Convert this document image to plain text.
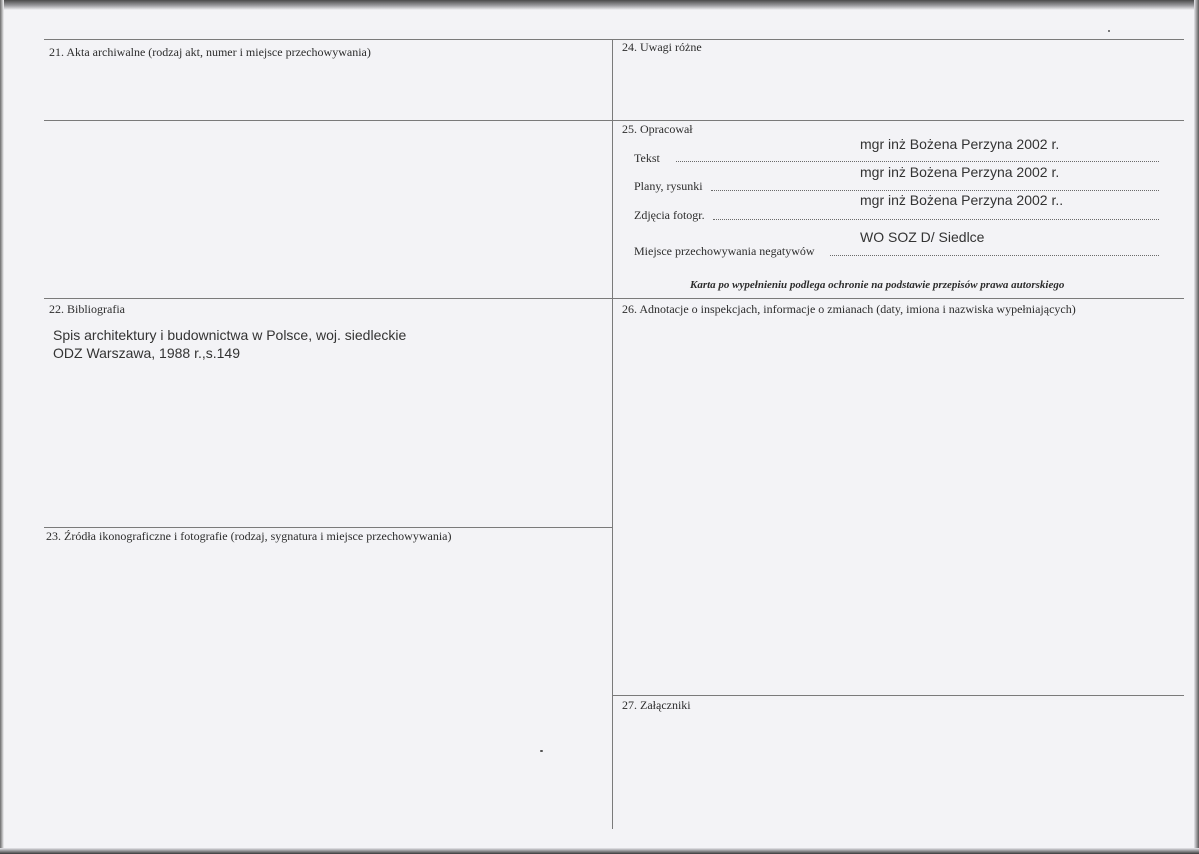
21. Akta archiwalne (rodzaj akt, numer i miejsce przechowywania)	24. Uwagi różne
25. Opracował
mgr inż Bożena Perzyna 2002 r.
Tekst
mgr inż Bożena Perzyna 2002 r.
Plany, rysunki
mgr inż Bożena Perzyna 2002 r..
Zdjęcia fotogr.
WO SOZ D/ Siedlce
Miejsce przechowywania negatywów
Karta po wypełnieniu podlega ochronie na podstawie przepisów prawa autorskiego
22. Bibliografia
Spis architektury i budownictwa w Polsce, woj. siedleckie
ODZ Warszawa, 1988 r.,s.149
26. Adnotacje o inspekcjach, informacje o zmianach (daty, imiona i nazwiska wypełniających)
23. Źródła ikonograficzne i fotografie (rodzaj, sygnatura i miejsce przechowywania)
27. Załączniki
